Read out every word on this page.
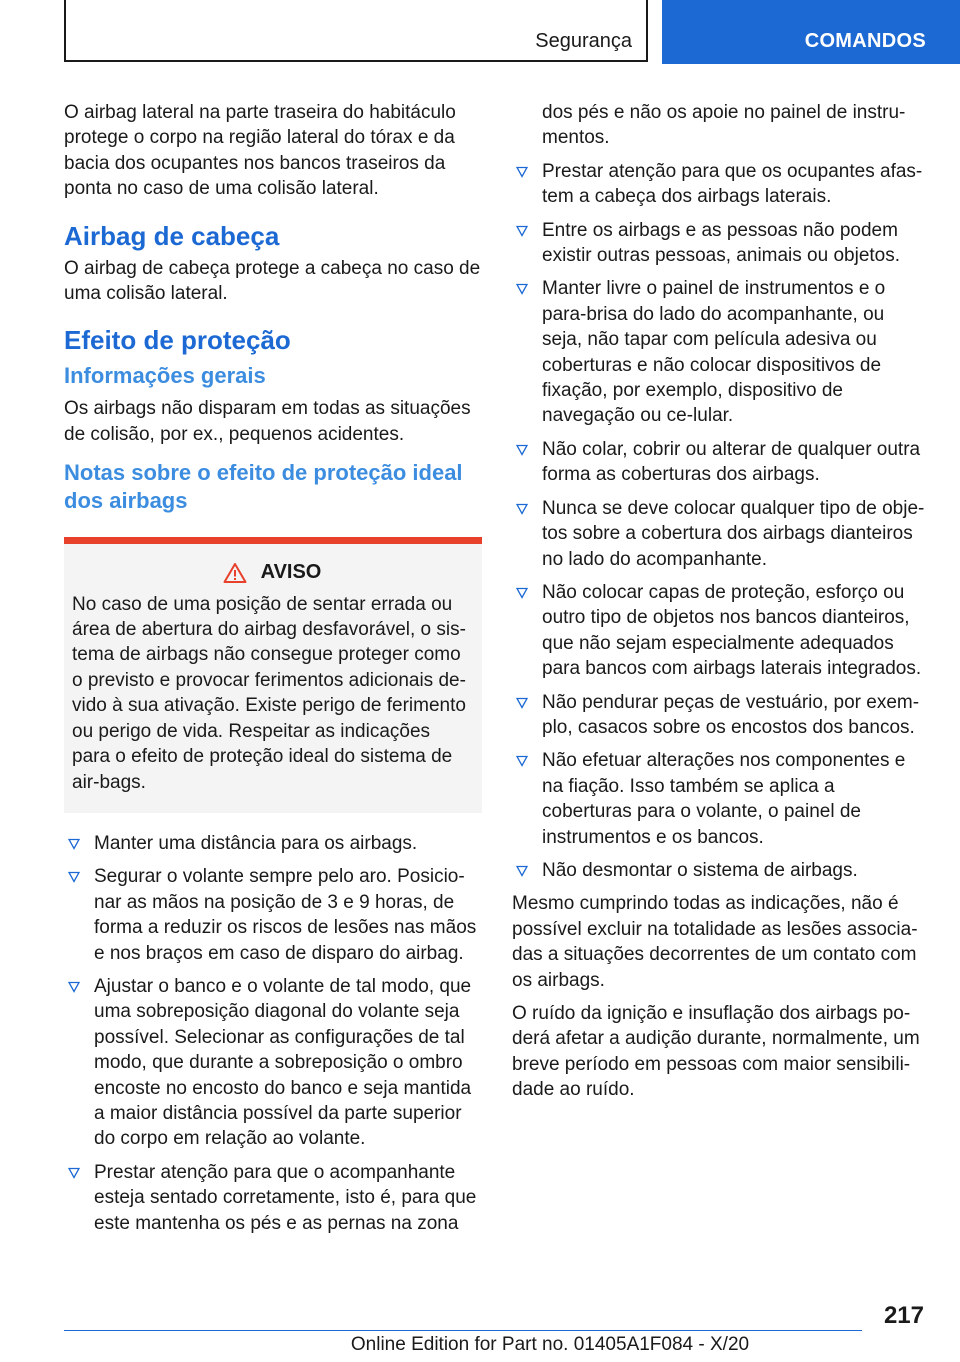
Segurança	COMANDOS

O airbag lateral na parte traseira do habitáculo protege o corpo na região lateral do tórax e da bacia dos ocupantes nos bancos traseiros da ponta no caso de uma colisão lateral.

Airbag de cabeça

O airbag de cabeça protege a cabeça no caso de uma colisão lateral.

Efeito de proteção
Informações gerais

Os airbags não disparam em todas as situações de colisão, por ex., pequenos acidentes.

Notas sobre o efeito de proteção ideal dos airbags
AVISO
No caso de uma posição de sentar errada ou área de abertura do airbag desfavorável, o sis-tema de airbags não consegue proteger como o previsto e provocar ferimentos adicionais de-vido à sua ativação. Existe perigo de ferimento ou perigo de vida. Respeitar as indicações para o efeito de proteção ideal do sistema de air-bags.
Manter uma distância para os airbags.
Segurar o volante sempre pelo aro. Posicio-nar as mãos na posição de 3 e 9 horas, de forma a reduzir os riscos de lesões nas mãos e nos braços em caso de disparo do airbag.
Ajustar o banco e o volante de tal modo, que uma sobreposição diagonal do volante seja possível. Selecionar as configurações de tal modo, que durante a sobreposição o ombro encoste no encosto do banco e seja mantida a maior distância possível da parte superior do corpo em relação ao volante.
Prestar atenção para que o acompanhante esteja sentado corretamente, isto é, para que este mantenha os pés e as pernas na zona

dos pés e não os apoie no painel de instru-mentos.

Prestar atenção para que os ocupantes afas-tem a cabeça dos airbags laterais.
Entre os airbags e as pessoas não podem existir outras pessoas, animais ou objetos.
Manter livre o painel de instrumentos e o para-brisa do lado do acompanhante, ou seja, não tapar com película adesiva ou coberturas e não colocar dispositivos de fixação, por exemplo, dispositivo de navegação ou ce-lular.
Não colar, cobrir ou alterar de qualquer outra forma as coberturas dos airbags.
Nunca se deve colocar qualquer tipo de obje-tos sobre a cobertura dos airbags dianteiros no lado do acompanhante.
Não colocar capas de proteção, esforço ou outro tipo de objetos nos bancos dianteiros, que não sejam especialmente adequados para bancos com airbags laterais integrados.
Não pendurar peças de vestuário, por exem-plo, casacos sobre os encostos dos bancos.
Não efetuar alterações nos componentes e na fiação. Isso também se aplica a coberturas para o volante, o painel de instrumentos e os bancos.
Não desmontar o sistema de airbags.

Mesmo cumprindo todas as indicações, não é possível excluir na totalidade as lesões associa-das a situações decorrentes de um contato com os airbags.

O ruído da ignição e insuflação dos airbags po-derá afetar a audição durante, normalmente, um breve período em pessoas com maior sensibili-dade ao ruído.

217
Online Edition for Part no. 01405A1F084 - X/20
